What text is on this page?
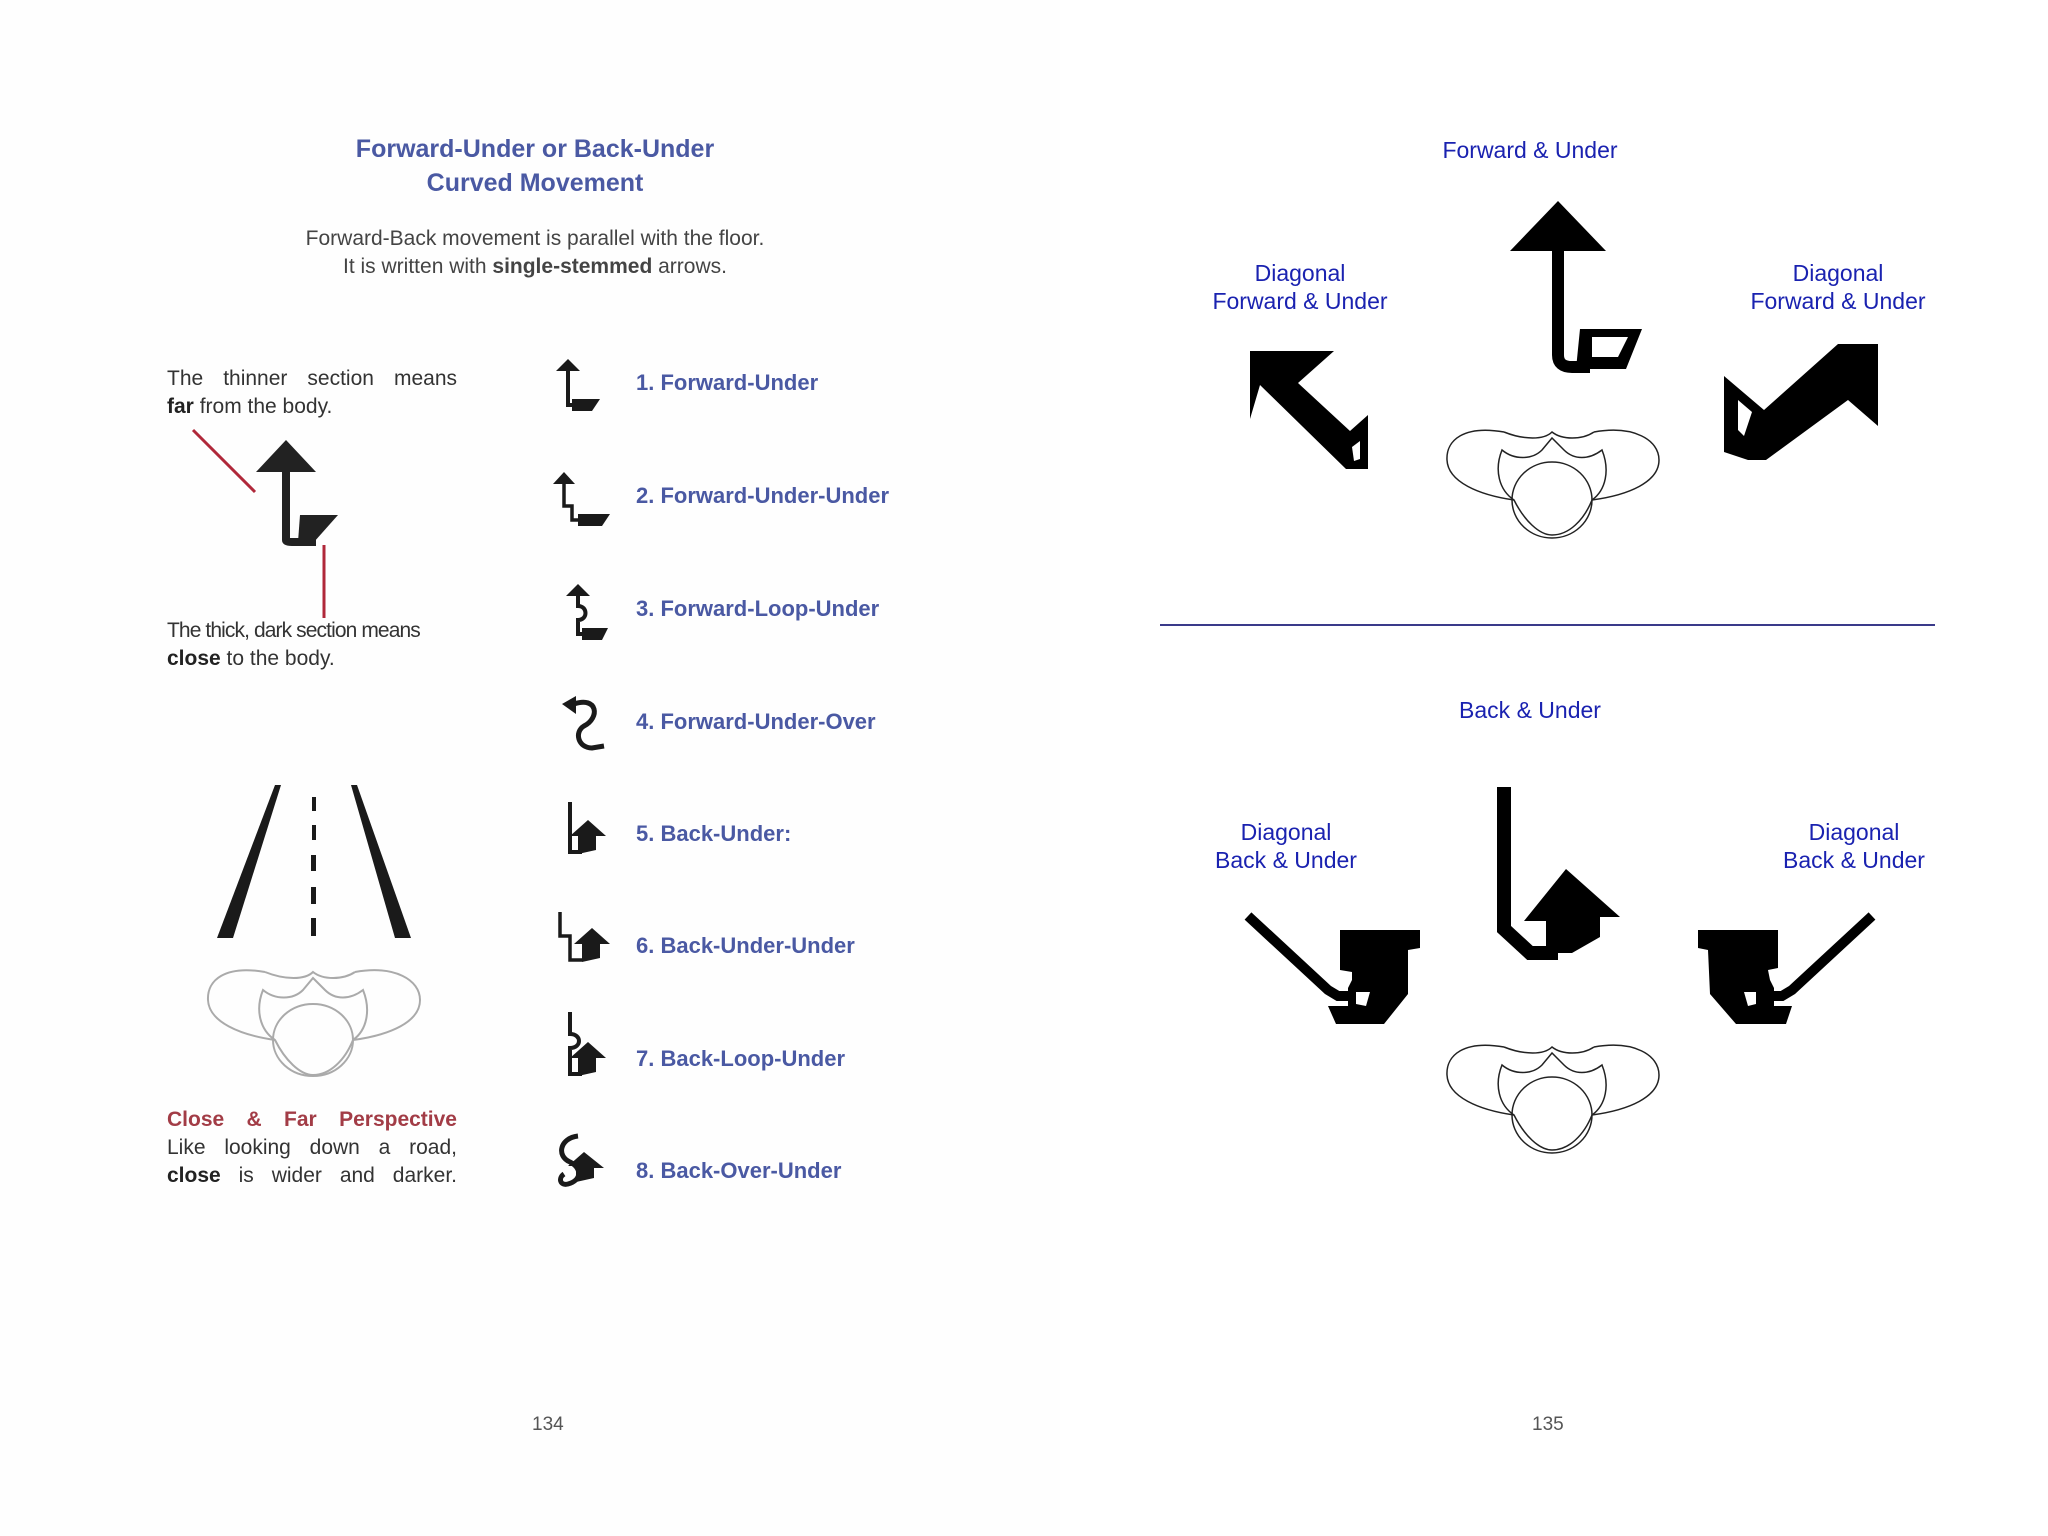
Forward-Under or Back-Under
Curved Movement
Forward-Back movement is parallel with the floor.
It is written with single-stemmed arrows.
The thinner section means
far from the body.
The thick, dark section means
close to the body.
Close & Far Perspective
Like looking down a road,
close is wider and darker.
1. Forward-Under
2. Forward-Under-Under
3. Forward-Loop-Under
4. Forward-Under-Over
5. Back-Under:
6. Back-Under-Under
7. Back-Loop-Under
8. Back-Over-Under
134
Forward & Under
Diagonal
Forward & Under
Diagonal
Forward & Under
Back & Under
Diagonal
Back & Under
Diagonal
Back & Under
135
